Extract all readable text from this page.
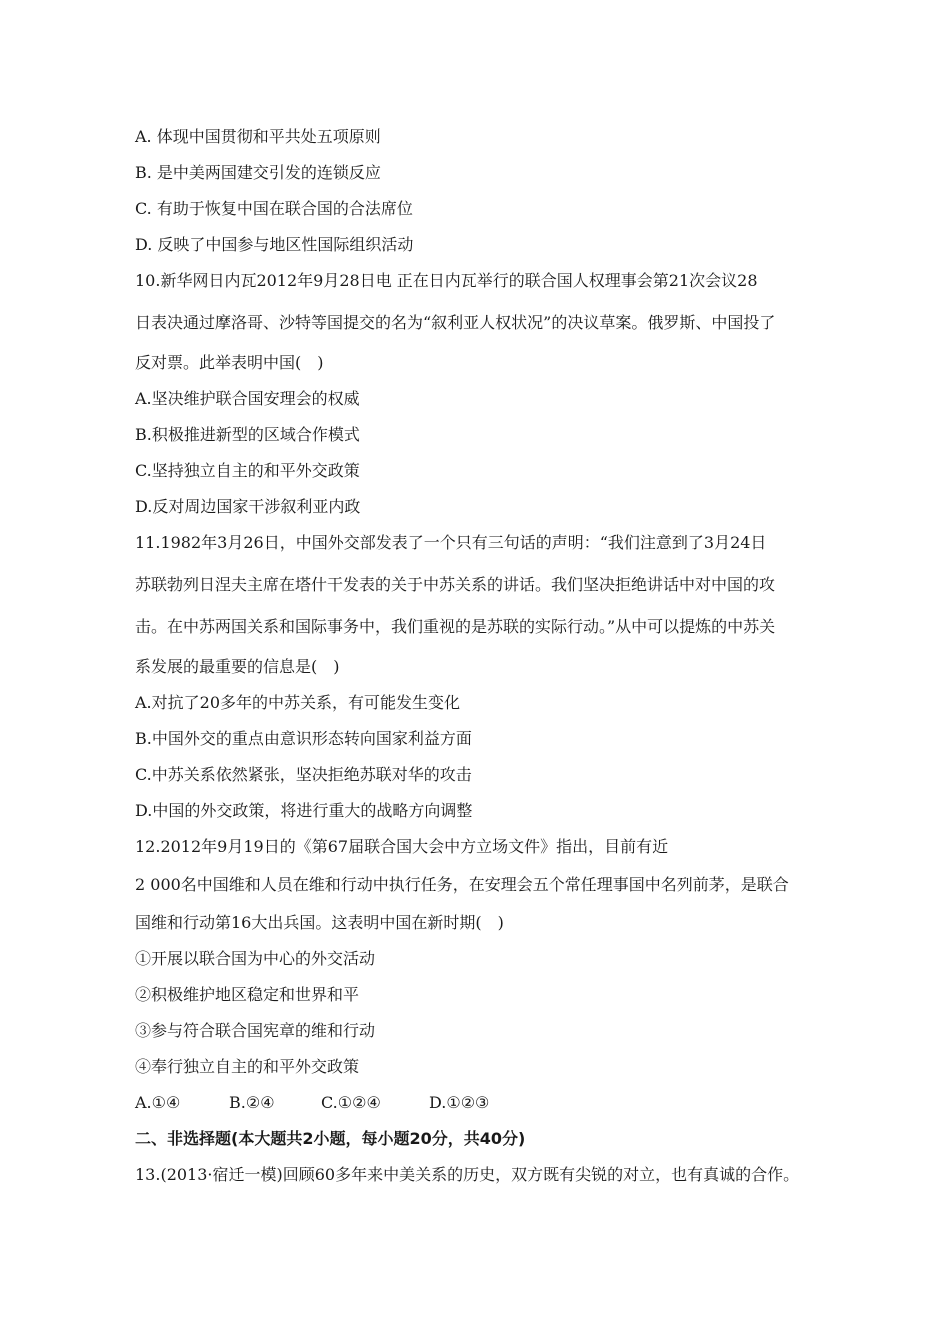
A. 体现中国贯彻和平共处五项原则
B. 是中美两国建交引发的连锁反应
C. 有助于恢复中国在联合国的合法席位
D. 反映了中国参与地区性国际组织活动
10.新华网日内瓦2012年9月28日电 正在日内瓦举行的联合国人权理事会第21次会议28
日表决通过摩洛哥、沙特等国提交的名为“叙利亚人权状况”的决议草案。俄罗斯、中国投了
反对票。此举表明中国(　)
A.坚决维护联合国安理会的权威
B.积极推进新型的区域合作模式
C.坚持独立自主的和平外交政策
D.反对周边国家干涉叙利亚内政
11.1982年3月26日，中国外交部发表了一个只有三句话的声明：“我们注意到了3月24日
苏联勃列日涅夫主席在塔什干发表的关于中苏关系的讲话。我们坚决拒绝讲话中对中国的攻
击。在中苏两国关系和国际事务中，我们重视的是苏联的实际行动。”从中可以提炼的中苏关
系发展的最重要的信息是(　)
A.对抗了20多年的中苏关系，有可能发生变化
B.中国外交的重点由意识形态转向国家利益方面
C.中苏关系依然紧张，坚决拒绝苏联对华的攻击
D.中国的外交政策，将进行重大的战略方向调整
12.2012年9月19日的《第67届联合国大会中方立场文件》指出，目前有近
2 000名中国维和人员在维和行动中执行任务，在安理会五个常任理事国中名列前茅，是联合
国维和行动第16大出兵国。这表明中国在新时期(　)
①开展以联合国为中心的外交活动
②积极维护地区稳定和世界和平
③参与符合联合国宪章的维和行动
④奉行独立自主的和平外交政策
A.①④	B.②④	C.①②④	D.①②③
二、非选择题(本大题共2小题，每小题20分，共40分)
13.(2013·宿迁一模)回顾60多年来中美关系的历史，双方既有尖锐的对立，也有真诚的合作。
